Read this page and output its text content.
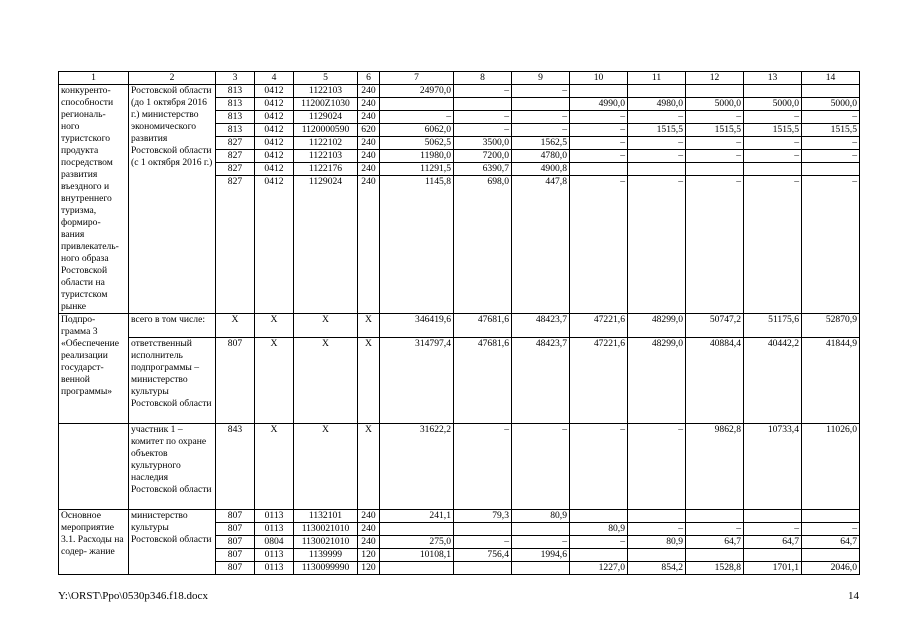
1	2	3	4	5	6	7	8	9	10	11	12	13	14
конкуренто- способности региональ- ного туристского продукта посредством развития въездного и внутреннего туризма, формиро- вания привлекатель- ного образа Ростовской области на туристском рынке	Ростовской области (до 1 октября 2016 г.) министерство экономического развития Ростовской области (с 1 октября 2016 г.)	813	0412	1122103	240	24970,0	–	–					
		813	0412	11200Z1030	240				4990,0	4980,0	5000,0	5000,0	5000,0
		813	0412	1129024	240	–	–	–	–	–	–	–	–
		813	0412	1120000590	620	6062,0	–	–	–	1515,5	1515,5	1515,5	1515,5
		827	0412	1122102	240	5062,5	3500,0	1562,5	–	–	–	–	–
		827	0412	1122103	240	11980,0	7200,0	4780,0	–	–	–	–	–
		827	0412	1122176	240	11291,5	6390,7	4900,8					
		827	0412	1129024	240	1145,8	698,0	447,8	–	–	–	–	–
Подпро- грамма 3 «Обеспечение реализации государст- венной программы»	всего в том числе:	X	X	X	X	346419,6	47681,6	48423,7	47221,6	48299,0	50747,2	51175,6	52870,9
	ответственный исполнитель подпрограммы – министерство культуры Ростовской области	807	X	X	X	314797,4	47681,6	48423,7	47221,6	48299,0	40884,4	40442,2	41844,9
	участник 1 – комитет по охране объектов культурного наследия Ростовской области	843	X	X	X	31622,2	–	–	–	–	9862,8	10733,4	11026,0
Основное мероприятие 3.1. Расходы на содер- жание	министерство культуры Ростовской области	807	0113	1132101	240	241,1	79,3	80,9					
		807	0113	1130021010	240				80,9	–	–	–	–
		807	0804	1130021010	240	275,0	–	–	–	80,9	64,7	64,7	64,7
		807	0113	1139999	120	10108,1	756,4	1994,6					
		807	0113	1130099990	120				1227,0	854,2	1528,8	1701,1	2046,0
Y:\ORST\Ppo\0530p346.f18.docx	14
